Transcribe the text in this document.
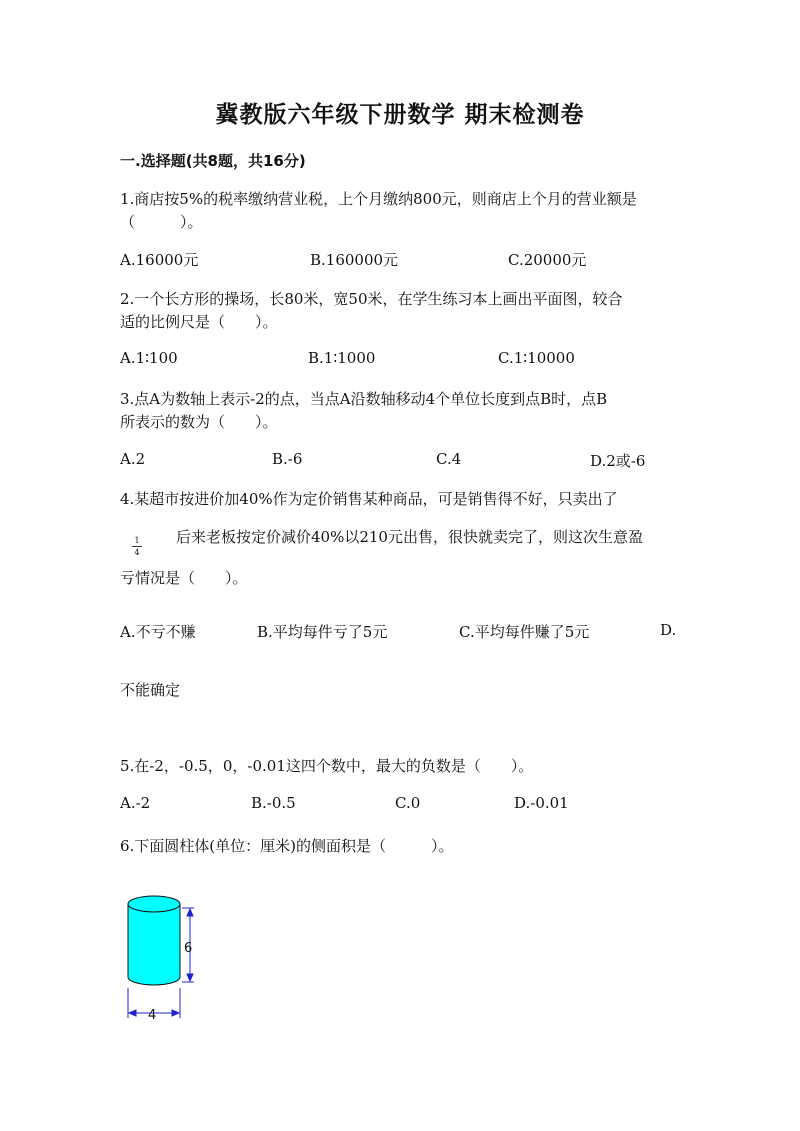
冀教版六年级下册数学 期末检测卷
一.选择题(共8题，共16分)
1.商店按5%的税率缴纳营业税，上个月缴纳800元，则商店上个月的营业额是
（　　　）。
A.16000元	B.160000元	C.20000元
2.一个长方形的操场，长80米，宽50米，在学生练习本上画出平面图，较合
适的比例尺是（　　）。
A.1∶100	B.1∶1000	C.1∶10000
3.点A为数轴上表示-2的点，当点A沿数轴移动4个单位长度到点B时，点B
所表示的数为（　　）。
A.2	B.-6	C.4	D.2或-6
4.某超市按进价加40%作为定价销售某种商品，可是销售得不好，只卖出了
1
4
后来老板按定价减价40%以210元出售，很快就卖完了，则这次生意盈
亏情况是（　　）。
A.不亏不赚	B.平均每件亏了5元	C.平均每件赚了5元	D.
不能确定
5.在-2，-0.5，0，-0.01这四个数中，最大的负数是（　　）。
A.-2	B.-0.5	C.0	D.-0.01
6.下面圆柱体(单位：厘米)的侧面积是（　　　）。
6
4
